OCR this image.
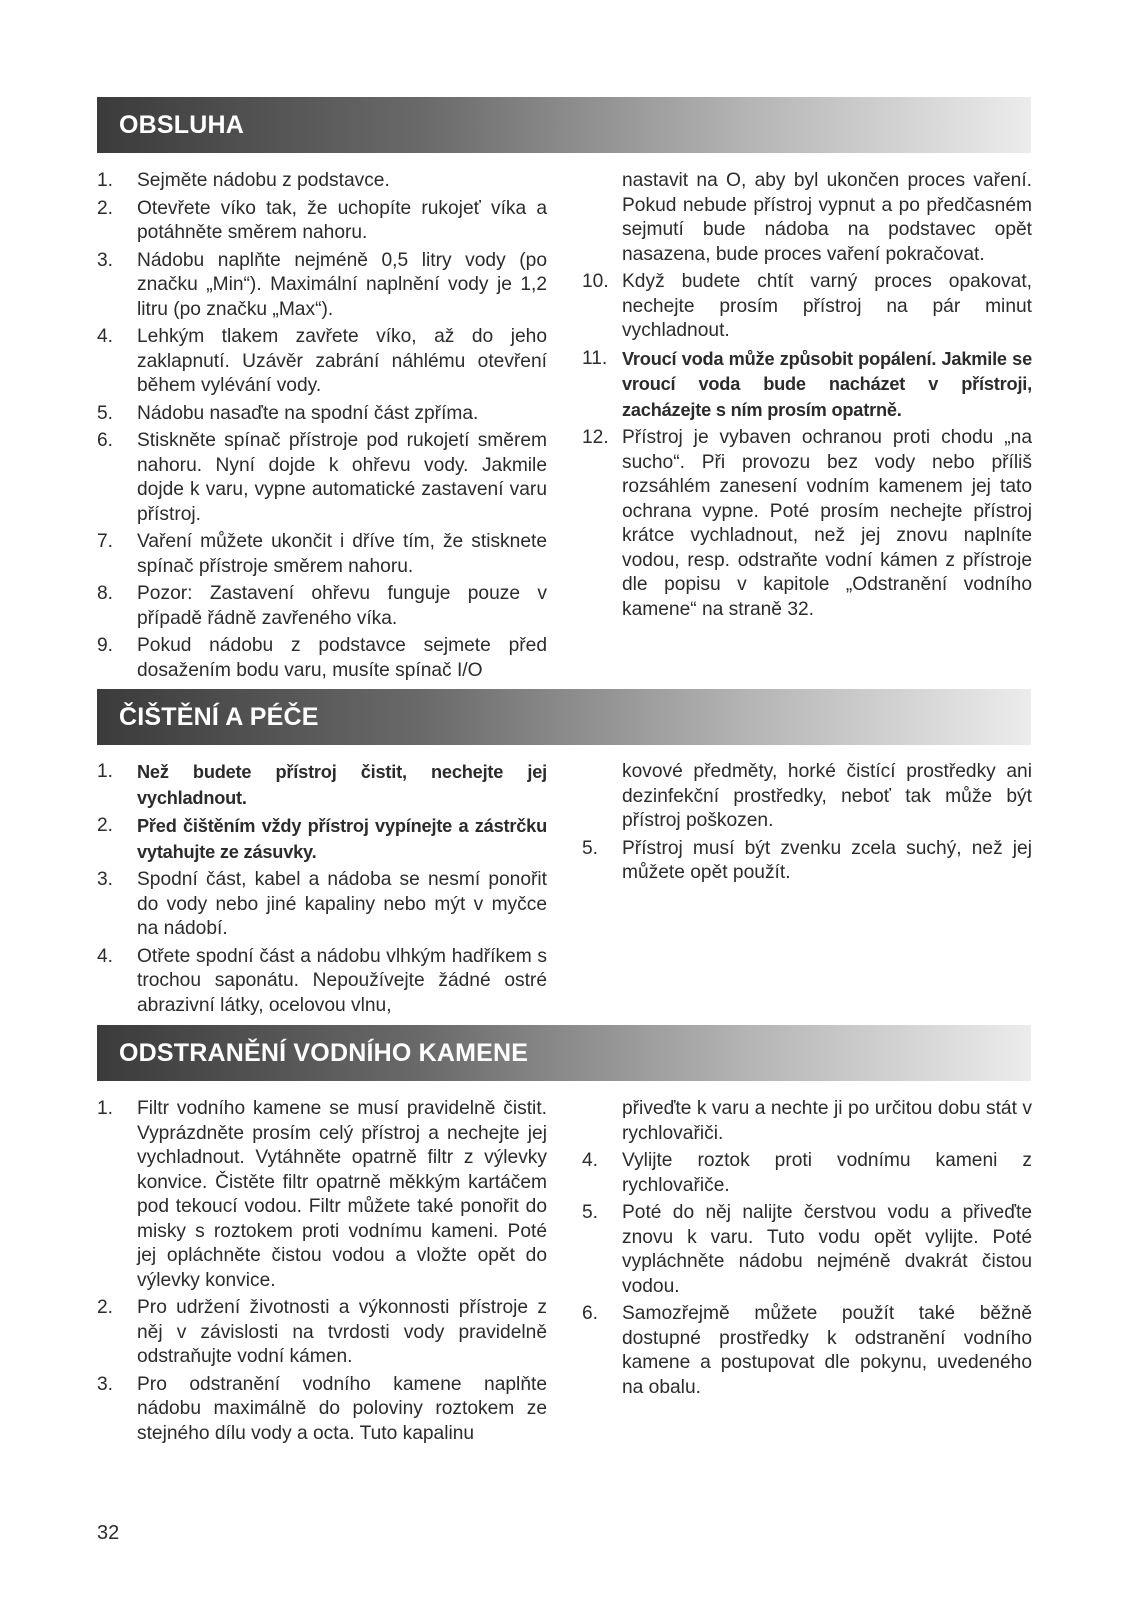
OBSLUHA
1. Sejměte nádobu z podstavce.
2. Otevřete víko tak, že uchopíte rukojeť víka a potáhněte směrem nahoru.
3. Nádobu naplňte nejméně 0,5 litry vody (po značku „Min“). Maximální naplnění vody je 1,2 litru (po značku „Max“).
4. Lehkým tlakem zavřete víko, až do jeho zaklapnutí. Uzávěr zabrání náhlému otevření během vylévání vody.
5. Nádobu nasaďte na spodní část zpříma.
6. Stiskněte spínač přístroje pod rukojetí směrem nahoru. Nyní dojde k ohřevu vody. Jakmile dojde k varu, vypne automatické zastavení varu přístroj.
7. Vaření můžete ukončit i dříve tím, že stisknete spínač přístroje směrem nahoru.
8. Pozor: Zastavení ohřevu funguje pouze v případě řádně zavřeného víka.
9. Pokud nádobu z podstavce sejmete před dosažením bodu varu, musíte spínač I/O
nastavit na O, aby byl ukončen proces vaření. Pokud nebude přístroj vypnut a po předčasném sejmutí bude nádoba na podstavec opět nasazena, bude proces vaření pokračovat.
10. Když budete chtít varný proces opakovat, nechejte prosím přístroj na pár minut vychladnout.
11. Vroucí voda může způsobit popálení. Jakmile se vroucí voda bude nacházet v přístroji, zacházejte s ním prosím opatrně.
12. Přístroj je vybaven ochranou proti chodu „na sucho“. Při provozu bez vody nebo příliš rozsáhlém zanesení vodním kamenem jej tato ochrana vypne. Poté prosím nechejte přístroj krátce vychladnout, než jej znovu naplníte vodou, resp. odstraňte vodní kámen z přístroje dle popisu v kapitole „Odstranění vodního kamene“ na straně 32.
ČIŠTĚNÍ A PÉČE
1. Než budete přístroj čistit, nechejte jej vychladnout.
2. Před čištěním vždy přístroj vypínejte a zástrčku vytahujte ze zásuvky.
3. Spodní část, kabel a nádoba se nesmí ponořit do vody nebo jiné kapaliny nebo mýt v myčce na nádobí.
4. Otřete spodní část a nádobu vlhkým hadříkem s trochou saponátu. Nepoužívejte žádné ostré abrazivní látky, ocelovou vlnu,
kovové předměty, horké čistící prostředky ani dezinfekční prostředky, neboť tak může být přístroj poškozen.
5. Přístroj musí být zvenku zcela suchý, než jej můžete opět použít.
ODSTRANĚNÍ VODNÍHO KAMENE
1. Filtr vodního kamene se musí pravidelně čistit. Vyprázdněte prosím celý přístroj a nechejte jej vychladnout. Vytáhněte opatrně filtr z výlevky konvice. Čistěte filtr opatrně měkkým kartáčem pod tekoucí vodou. Filtr můžete také ponořit do misky s roztokem proti vodnímu kameni. Poté jej opláchněte čistou vodou a vložte opět do výlevky konvice.
2. Pro udržení životnosti a výkonnosti přístroje z něj v závislosti na tvrdosti vody pravidelně odstraňujte vodní kámen.
3. Pro odstranění vodního kamene naplňte nádobu maximálně do poloviny roztokem ze stejného dílu vody a octa. Tuto kapalinu
přiveďte k varu a nechte ji po určitou dobu stát v rychlovařiči.
4. Vylijte roztok proti vodnímu kameni z rychlovařiče.
5. Poté do něj nalijte čerstvou vodu a přiveďte znovu k varu. Tuto vodu opět vylijte. Poté vypláchněte nádobu nejméně dvakrát čistou vodou.
6. Samozřejmě můžete použít také běžně dostupné prostředky k odstranění vodního kamene a postupovat dle pokynu, uvedeného na obalu.
32
